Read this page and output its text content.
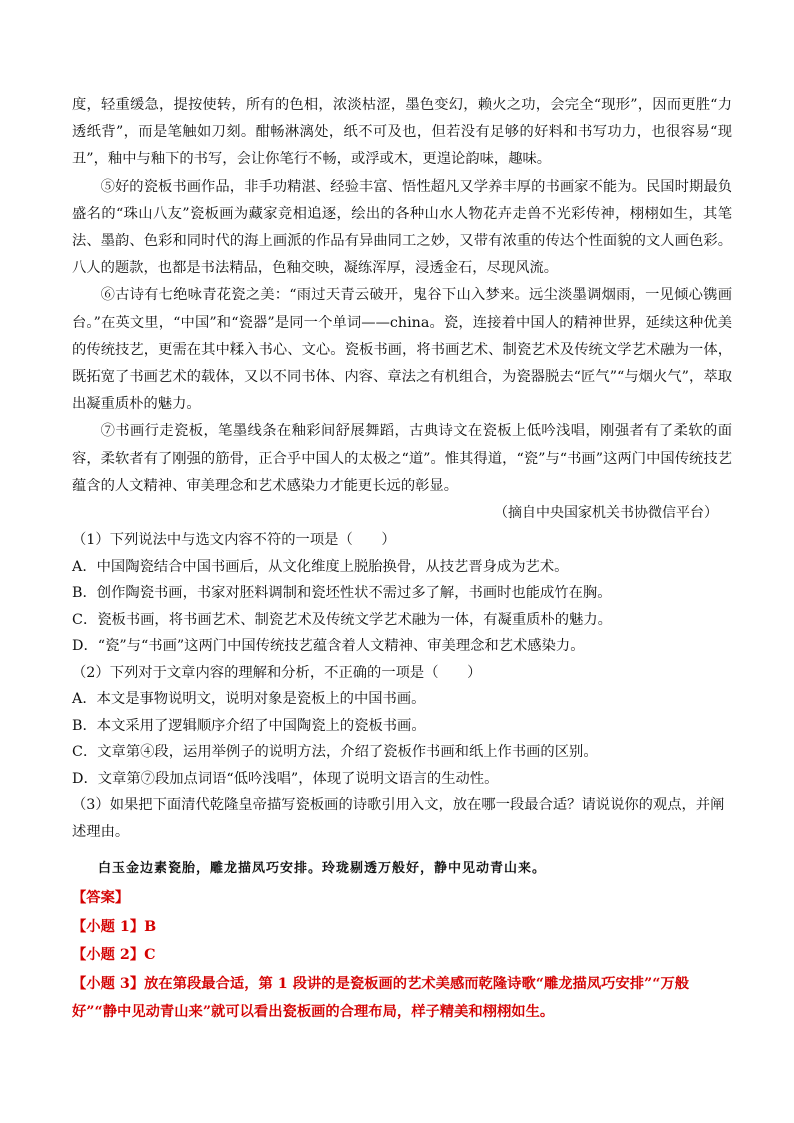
度，轻重缓急，提按使转，所有的色相，浓淡枯涩，墨色变幻，赖火之功，会完全“现形”，因而更胜“力透纸背”，而是笔触如刀刻。酣畅淋漓处，纸不可及也，但若没有足够的好料和书写功力，也很容易“现丑”，釉中与釉下的书写，会让你笔行不畅，或浮或木，更遑论韵味，趣味。

⑤好的瓷板书画作品，非手功精湛、经验丰富、悟性超凡又学养丰厚的书画家不能为。民国时期最负盛名的“珠山八友”瓷板画为藏家竞相追逐，绘出的各种山水人物花卉走兽不光彩传神，栩栩如生，其笔法、墨韵、色彩和同时代的海上画派的作品有异曲同工之妙，又带有浓重的传达个性面貌的文人画色彩。八人的题款，也都是书法精品，色釉交映，凝练浑厚，浸透金石，尽现风流。

⑥古诗有七绝咏青花瓷之美：“雨过天青云破开，鬼谷下山入梦来。远尘淡墨调烟雨，一见倾心镌画台。”在英文里，“中国”和“瓷器”是同一个单词——china。瓷，连接着中国人的精神世界，延续这种优美的传统技艺，更需在其中糅入书心、文心。瓷板书画，将书画艺术、制瓷艺术及传统文学艺术融为一体，既拓宽了书画艺术的载体，又以不同书体、内容、章法之有机组合，为瓷器脱去“匠气”“与烟火气”，萃取出凝重质朴的魅力。

⑦书画行走瓷板，笔墨线条在釉彩间舒展舞蹈，古典诗文在瓷板上低吟浅唱，刚强者有了柔软的面容，柔软者有了刚强的筋骨，正合乎中国人的太极之“道”。惟其得道，“瓷”与“书画”这两门中国传统技艺蕴含的人文精神、审美理念和艺术感染力才能更长远的彰显。

（摘自中央国家机关书协微信平台）

（1）下列说法中与选文内容不符的一项是（　　）

A．中国陶瓷结合中国书画后，从文化维度上脱胎换骨，从技艺晋身成为艺术。

B．创作陶瓷书画，书家对胚料调制和瓷坯性状不需过多了解，书画时也能成竹在胸。

C．瓷板书画，将书画艺术、制瓷艺术及传统文学艺术融为一体，有凝重质朴的魅力。

D．“瓷”与“书画”这两门中国传统技艺蕴含着人文精神、审美理念和艺术感染力。

（2）下列对于文章内容的理解和分析，不正确的一项是（　　）

A．本文是事物说明文，说明对象是瓷板上的中国书画。

B．本文采用了逻辑顺序介绍了中国陶瓷上的瓷板书画。

C．文章第④段，运用举例子的说明方法，介绍了瓷板作书画和纸上作书画的区别。

D．文章第⑦段加点词语“低吟浅唱”，体现了说明文语言的生动性。

（3）如果把下面清代乾隆皇帝描写瓷板画的诗歌引用入文，放在哪一段最合适？请说说你的观点，并阐述理由。

白玉金边素瓷胎，雕龙描凤巧安排。玲珑剔透万般好，静中见动青山来。

【答案】

【小题 1】B

【小题 2】C

【小题 3】放在第段最合适，第 1 段讲的是瓷板画的艺术美感而乾隆诗歌“雕龙描凤巧安排”“万般好”“静中见动青山来”就可以看出瓷板画的合理布局，样子精美和栩栩如生。
